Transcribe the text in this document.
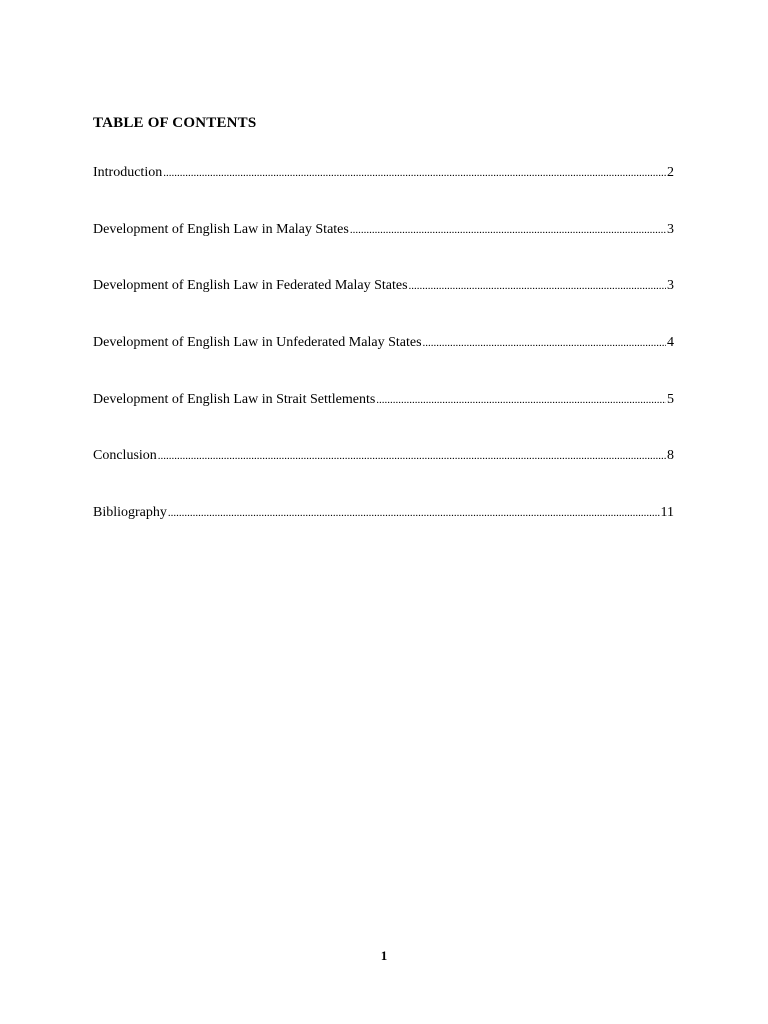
TABLE OF CONTENTS
Introduction .....	2
Development of English Law in Malay States .....	3
Development of English Law in Federated Malay States .....	3
Development of English Law in Unfederated Malay States .....	4
Development of English Law in Strait Settlements .....	5
Conclusion .....	8
Bibliography .....	11
1
